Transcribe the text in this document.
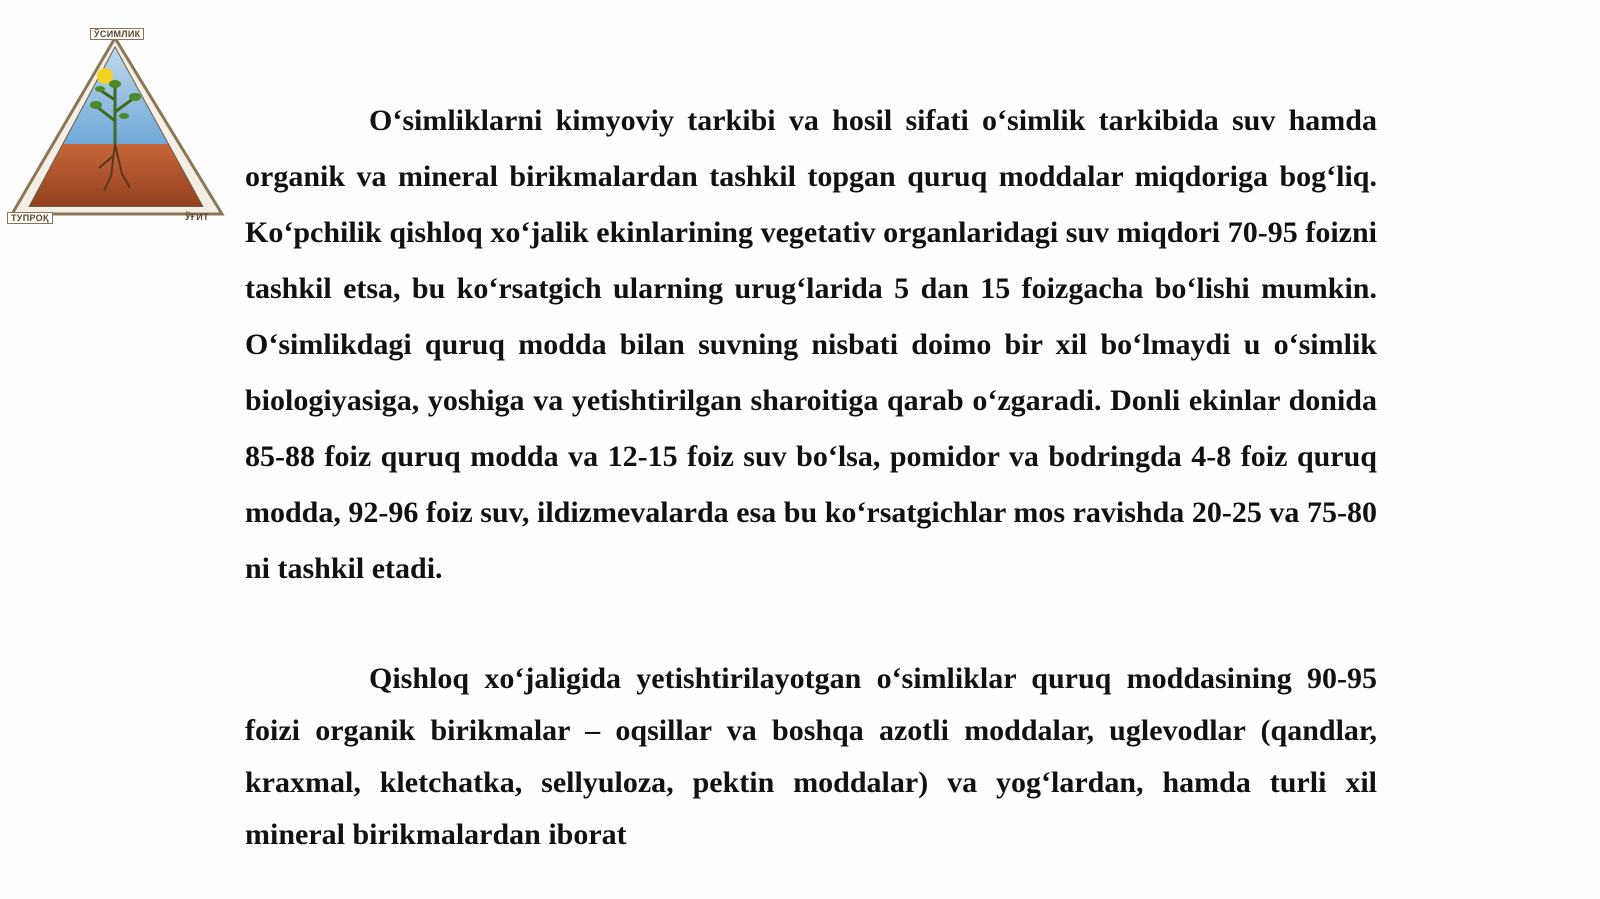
ЎСИМЛИК
ТУПРОҚ	ЎҒИТ

O‘simliklarni kimyoviy tarkibi va hosil sifati o‘simlik tarkibida suv hamda organik va mineral birikmalardan tashkil topgan quruq moddalar miqdoriga bog‘liq. Ko‘pchilik qishloq xo‘jalik ekinlarining vegetativ organlaridagi suv miqdori 70-95 foizni tashkil etsa, bu ko‘rsatgich ularning urug‘larida 5 dan 15 foizgacha bo‘lishi mumkin. O‘simlikdagi quruq modda bilan suvning nisbati doimo bir xil bo‘lmaydi u o‘simlik biologiyasiga, yoshiga va yetishtirilgan sharoitiga qarab o‘zgaradi. Donli ekinlar donida 85-88 foiz quruq modda va 12-15 foiz suv bo‘lsa, pomidor va bodringda 4-8 foiz quruq modda, 92-96 foiz suv, ildizmevalarda esa bu ko‘rsatgichlar mos ravishda 20-25 va 75-80 ni tashkil etadi.

Qishloq xo‘jaligida yetishtirilayotgan o‘simliklar quruq moddasining 90-95 foizi organik birikmalar – oqsillar va boshqa azotli moddalar, uglevodlar (qandlar, kraxmal, kletchatka, sellyuloza, pektin moddalar) va yog‘lardan, hamda turli xil mineral birikmalardan iborat
